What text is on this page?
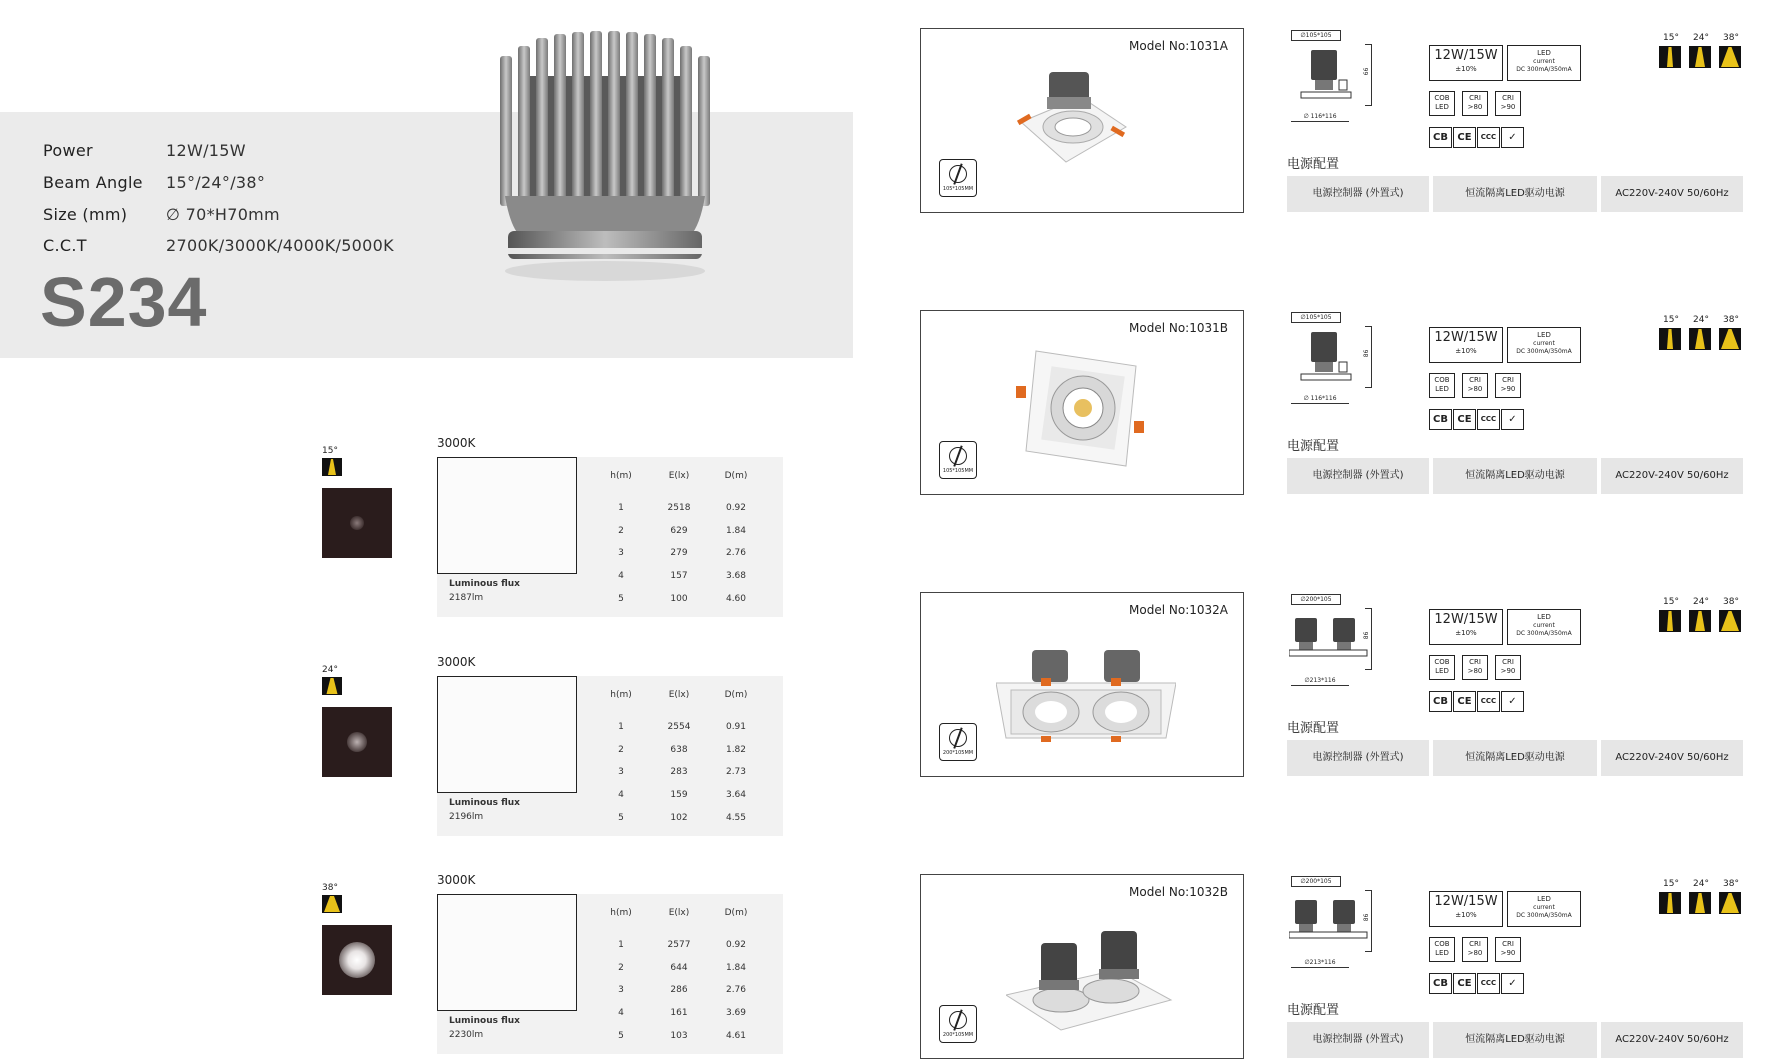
Power	12W/15W
Beam Angle 15°/24°/38°
Size (mm) ∅ 70*H70mm
C.C.T	2700K/3000K/4000K/5000K
S234
15°
3000K
Luminous flux
2187lm
h(m)	E(lx)	D(m)
1	2518	0.92
2	629	1.84
3	279	2.76
4	157	3.68
5	100	4.60
24°
3000K
Luminous flux
2196lm
h(m)	E(lx)	D(m)
1	2554	0.91
2	638	1.82
3	283	2.73
4	159	3.64
5	102	4.55
38°
3000K
Luminous flux
2230lm
h(m)	E(lx)	D(m)
1	2577	0.92
2	644	1.84
3	286	2.76
4	161	3.69
5	103	4.61
Model No:1031A
105*105MM
∅105*105
∅ 116*116
99
12W/15W
±10%
LED
current
DC 300mA/350mA
COB
LED
CRI
>80
CRI
>90
CB CE	CCC	✓
电源配置
电源控制器 (外置式)	恒流隔离LED驱动电源	AC220V-240V 50/60Hz
15°	24°	38°
Model No:1031B
105*105MM
∅105*105
∅ 116*116
98
12W/15W
±10%
LED
current
DC 300mA/350mA
COB
LED
CRI
>80
CRI
>90
CB CE	CCC	✓
电源配置
电源控制器 (外置式)	恒流隔离LED驱动电源	AC220V-240V 50/60Hz
15°	24°	38°
Model No:1032A
200*105MM
∅200*105
∅213*116
98
12W/15W
±10%
LED
current
DC 300mA/350mA
COB
LED
CRI
>80
CRI
>90
CB CE	CCC	✓
电源配置
电源控制器 (外置式)	恒流隔离LED驱动电源	AC220V-240V 50/60Hz
15°	24°	38°
Model No:1032B
200*105MM
∅200*105
∅213*116
98
12W/15W
±10%
LED
current
DC 300mA/350mA
COB
LED
CRI
>80
CRI
>90
CB CE	CCC	✓
电源配置
电源控制器 (外置式)	恒流隔离LED驱动电源	AC220V-240V 50/60Hz
15°	24°	38°
